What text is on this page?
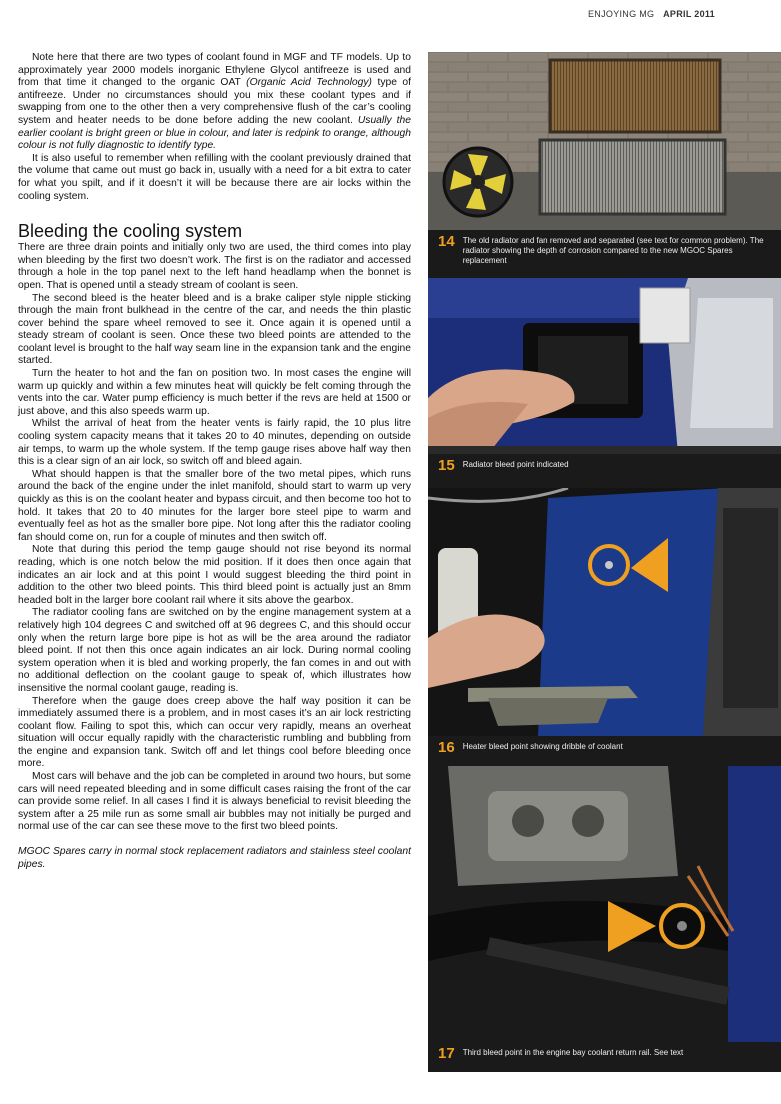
ENJOYING MG APRIL 2011

Note here that there are two types of coolant found in MGF and TF models. Up to approximately year 2000 models inorganic Ethylene Glycol antifreeze is used and from that time it changed to the organic OAT (Organic Acid Technology) type of antifreeze. Under no circumstances should you mix these coolant types and if swapping from one to the other then a very comprehensive flush of the car’s cooling system and heater needs to be done before adding the new coolant. Usually the earlier coolant is bright green or blue in colour, and later is redpink to orange, although colour is not fully diagnostic to identify type.

It is also useful to remember when refilling with the coolant previously drained that the volume that came out must go back in, usually with a need for a bit extra to cater for what you spilt, and if it doesn’t it will be because there are air locks within the cooling system.

Bleeding the cooling system

There are three drain points and initially only two are used, the third comes into play when bleeding by the first two doesn’t work. The first is on the radiator and accessed through a hole in the top panel next to the left hand headlamp when the bonnet is open. That is opened until a steady stream of coolant is seen.

The second bleed is the heater bleed and is a brake caliper style nipple sticking through the main front bulkhead in the centre of the car, and needs the thin plastic cover behind the spare wheel removed to see it. Once again it is opened until a steady stream of coolant is seen. Once these two bleed points are attended to the coolant level is brought to the half way seam line in the expansion tank and the engine started.

Turn the heater to hot and the fan on position two. In most cases the engine will warm up quickly and within a few minutes heat will quickly be felt coming through the vents into the car. Water pump efficiency is much better if the revs are held at 1500 or just above, and this also speeds warm up.

Whilst the arrival of heat from the heater vents is fairly rapid, the 10 plus litre cooling system capacity means that it takes 20 to 40 minutes, depending on outside air temps, to warm up the whole system. If the temp gauge rises above half way then this is a clear sign of an air lock, so switch off and bleed again.

What should happen is that the smaller bore of the two metal pipes, which runs around the back of the engine under the inlet manifold, should start to warm up very quickly as this is on the coolant heater and bypass circuit, and then become too hot to hold. It takes that 20 to 40 minutes for the larger bore steel pipe to warm and eventually feel as hot as the smaller bore pipe. Not long after this the radiator cooling fan should come on, run for a couple of minutes and then switch off.

Note that during this period the temp gauge should not rise beyond its normal reading, which is one notch below the mid position. If it does then once again that indicates an air lock and at this point I would suggest bleeding the third point in addition to the other two bleed points. This third bleed point is actually just an 8mm headed bolt in the larger bore coolant rail where it sits above the gearbox.

The radiator cooling fans are switched on by the engine management system at a relatively high 104 degrees C and switched off at 96 degrees C, and this should occur only when the return large bore pipe is hot as will be the area around the radiator bleed point. If not then this once again indicates an air lock. During normal cooling system operation when it is bled and working properly, the fan comes in and out with no additional deflection on the coolant gauge to speak of, which illustrates how insensitive the normal coolant gauge, reading is.

Therefore when the gauge does creep above the half way position it can be immediately assumed there is a problem, and in most cases it’s an air lock restricting coolant flow. Failing to spot this, which can occur very rapidly, means an overheat situation will occur equally rapidly with the characteristic rumbling and bubbling from the engine and expansion tank. Switch off and let things cool before bleeding once more.

Most cars will behave and the job can be completed in around two hours, but some cars will need repeated bleeding and in some difficult cases raising the front of the car can provide some relief. In all cases I find it is always beneficial to revisit bleeding the system after a 25 mile run as some small air bubbles may not initially be purged and normal use of the car can see these move to the first two bleed points.

MGOC Spares carry in normal stock replacement radiators and stainless steel coolant pipes.

14 The old radiator and fan removed and separated (see text for common problem). The radiator showing the depth of corrosion compared to the new MGOC Spares replacement
15 Radiator bleed point indicated
16 Heater bleed point showing dribble of coolant
17 Third bleed point in the engine bay coolant return rail. See text
